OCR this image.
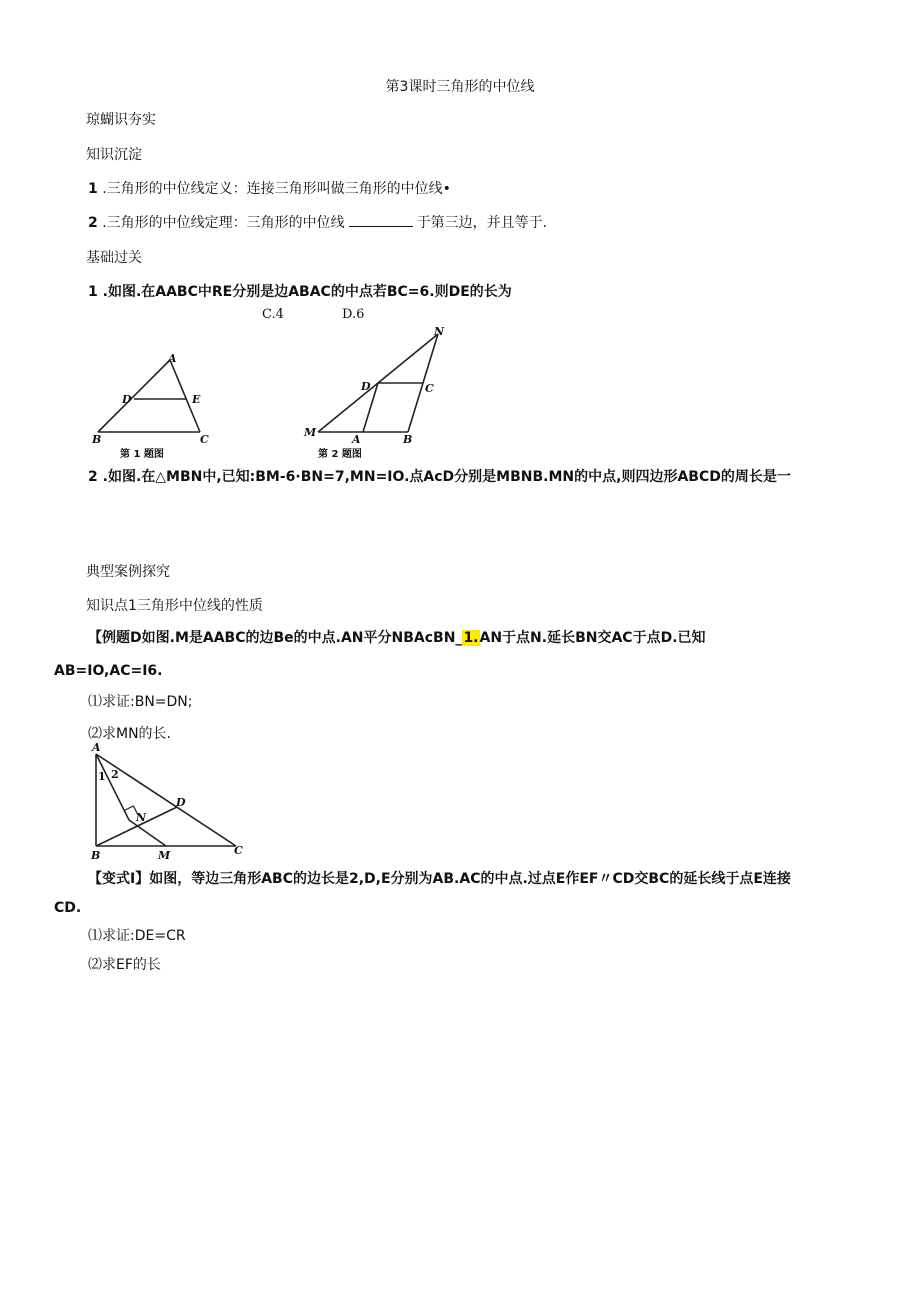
第3课时三角形的中位线
琼蝴识夯实
知识沉淀
1 .三角形的中位线定义：连接三角形叫做三角形的中位线•
2 .三角形的中位线定理：三角形的中位线	于第三边，并且等于.
基础过关
1 .如图.在AABC中RE分别是边ABAC的中点若BC=6.则DE的长为
C.4	D.6
A
D	E
B	C
第 1 题图
N
D	C
M
A	B
第 2 题图
2 .如图.在△MBN中,已知:BM-6·BN=7,MN=IO.点AcD分别是MBNB.MN的中点,则四边形ABCD的周长是一
典型案例探究
知识点1三角形中位线的性质
【例题D如图.M是AABC的边Be的中点.AN平分NBAcBN_1.AN于点N.延长BN交AC于点D.已知
AB=IO,AC=I6.
⑴求证:BN=DN;
⑵求MN的长.
A
1 2
D
N
B	M	C
【变式I】如图，等边三角形ABC的边长是2,D,E分别为AB.AC的中点.过点E作EF〃CD交BC的延长线于点E连接
CD.
⑴求证:DE=CR
⑵求EF的长
